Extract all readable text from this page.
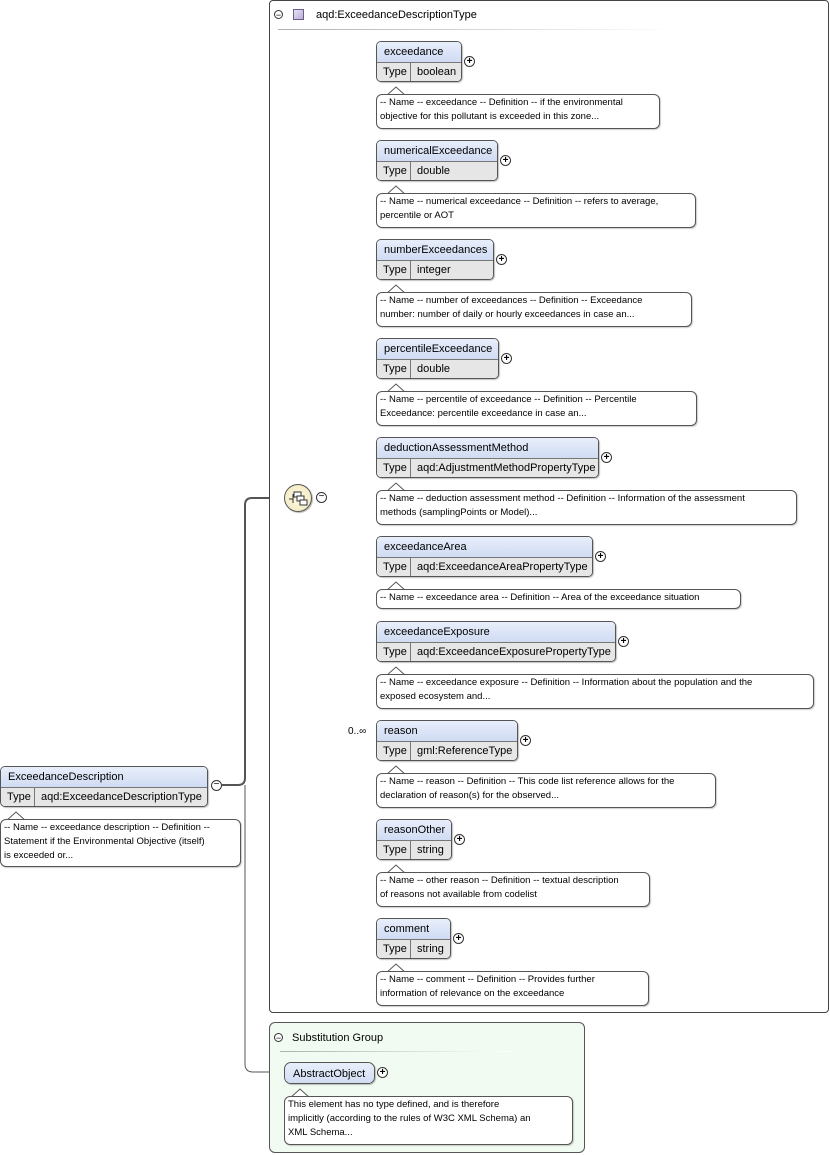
−	aqd:ExceedanceDescriptionType
− Substitution Group
−
ExceedanceDescription
Type aqd:ExceedanceDescriptionType
−
-- Name -- exceedance description -- Definition --
Statement if the Environmental Objective (itself)
is exceeded or...
exceedance
Type boolean
+
-- Name -- exceedance -- Definition -- if the environmental
objective for this pollutant is exceeded in this zone...
numericalExceedance
Type double
+
-- Name -- numerical exceedance -- Definition -- refers to average,
percentile or AOT
numberExceedances
Type integer
+
-- Name -- number of exceedances -- Definition -- Exceedance
number: number of daily or hourly exceedances in case an...
percentileExceedance
Type double
+
-- Name -- percentile of exceedance -- Definition -- Percentile
Exceedance: percentile exceedance in case an...
deductionAssessmentMethod
Type aqd:AdjustmentMethodPropertyType
+
-- Name -- deduction assessment method -- Definition -- Information of the assessment
methods (samplingPoints or Model)...
exceedanceArea
Type aqd:ExceedanceAreaPropertyType
+
-- Name -- exceedance area -- Definition -- Area of the exceedance situation
exceedanceExposure
Type aqd:ExceedanceExposurePropertyType
+
-- Name -- exceedance exposure -- Definition -- Information about the population and the
exposed ecosystem and...
reason
Type gml:ReferenceType
+
0..∞
-- Name -- reason -- Definition -- This code list reference allows for the
declaration of reason(s) for the observed...
reasonOther
Type string
+
-- Name -- other reason -- Definition -- textual description
of reasons not available from codelist
comment
Type string
+
-- Name -- comment -- Definition -- Provides further
information of relevance on the exceedance
AbstractObject	+
This element has no type defined, and is therefore
implicitly (according to the rules of W3C XML Schema) an
XML Schema...
